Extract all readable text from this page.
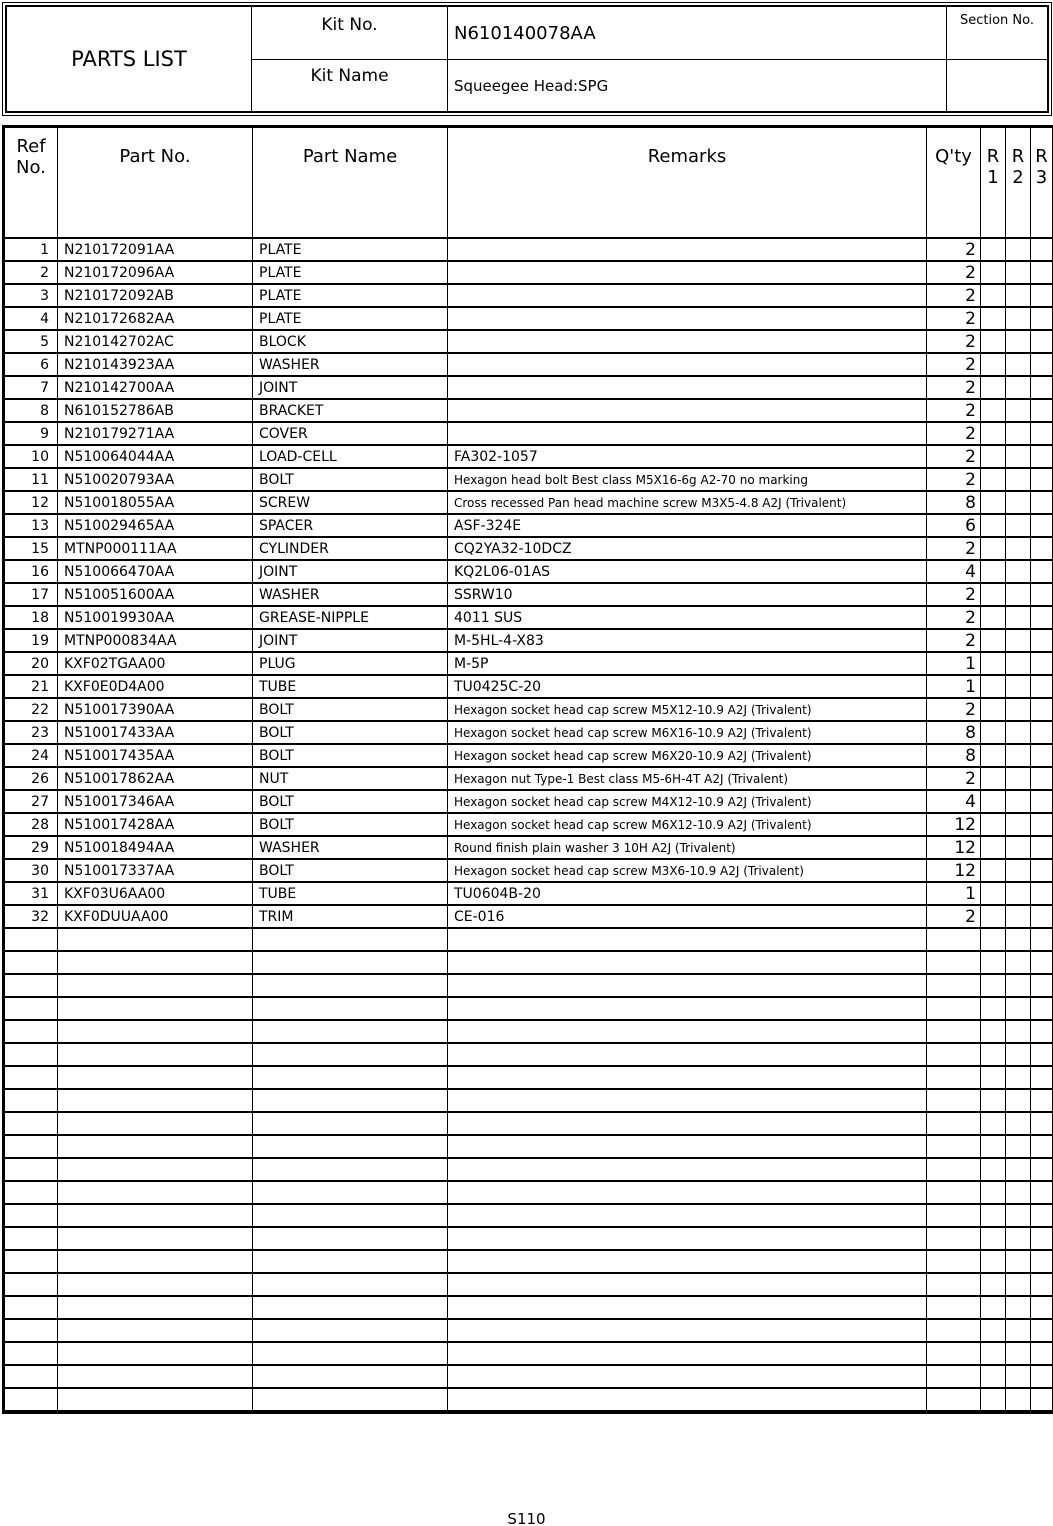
PARTS LIST	Kit No.	N610140078AA	Section No.
	Kit Name	Squeegee Head:SPG	
Ref No.	Part No.	Part Name	Remarks	Q'ty	R 1	R 2	R 3
1	N210172091AA	PLATE		2			
2	N210172096AA	PLATE		2			
3	N210172092AB	PLATE		2			
4	N210172682AA	PLATE		2			
5	N210142702AC	BLOCK		2			
6	N210143923AA	WASHER		2			
7	N210142700AA	JOINT		2			
8	N610152786AB	BRACKET		2			
9	N210179271AA	COVER		2			
10	N510064044AA	LOAD-CELL	FA302-1057	2			
11	N510020793AA	BOLT	Hexagon head bolt Best class M5X16-6g A2-70 no marking	2			
12	N510018055AA	SCREW	Cross recessed Pan head machine screw M3X5-4.8 A2J (Trivalent)	8			
13	N510029465AA	SPACER	ASF-324E	6			
15	MTNP000111AA	CYLINDER	CQ2YA32-10DCZ	2			
16	N510066470AA	JOINT	KQ2L06-01AS	4			
17	N510051600AA	WASHER	SSRW10	2			
18	N510019930AA	GREASE-NIPPLE	4011 SUS	2			
19	MTNP000834AA	JOINT	M-5HL-4-X83	2			
20	KXF02TGAA00	PLUG	M-5P	1			
21	KXF0E0D4A00	TUBE	TU0425C-20	1			
22	N510017390AA	BOLT	Hexagon socket head cap screw M5X12-10.9 A2J (Trivalent)	2			
23	N510017433AA	BOLT	Hexagon socket head cap screw M6X16-10.9 A2J (Trivalent)	8			
24	N510017435AA	BOLT	Hexagon socket head cap screw M6X20-10.9 A2J (Trivalent)	8			
26	N510017862AA	NUT	Hexagon nut Type-1 Best class M5-6H-4T A2J (Trivalent)	2			
27	N510017346AA	BOLT	Hexagon socket head cap screw M4X12-10.9 A2J (Trivalent)	4			
28	N510017428AA	BOLT	Hexagon socket head cap screw M6X12-10.9 A2J (Trivalent)	12			
29	N510018494AA	WASHER	Round finish plain washer 3 10H A2J (Trivalent)	12			
30	N510017337AA	BOLT	Hexagon socket head cap screw M3X6-10.9 A2J (Trivalent)	12			
31	KXF03U6AA00	TUBE	TU0604B-20	1			
32	KXF0DUUAA00	TRIM	CE-016	2			

S110
